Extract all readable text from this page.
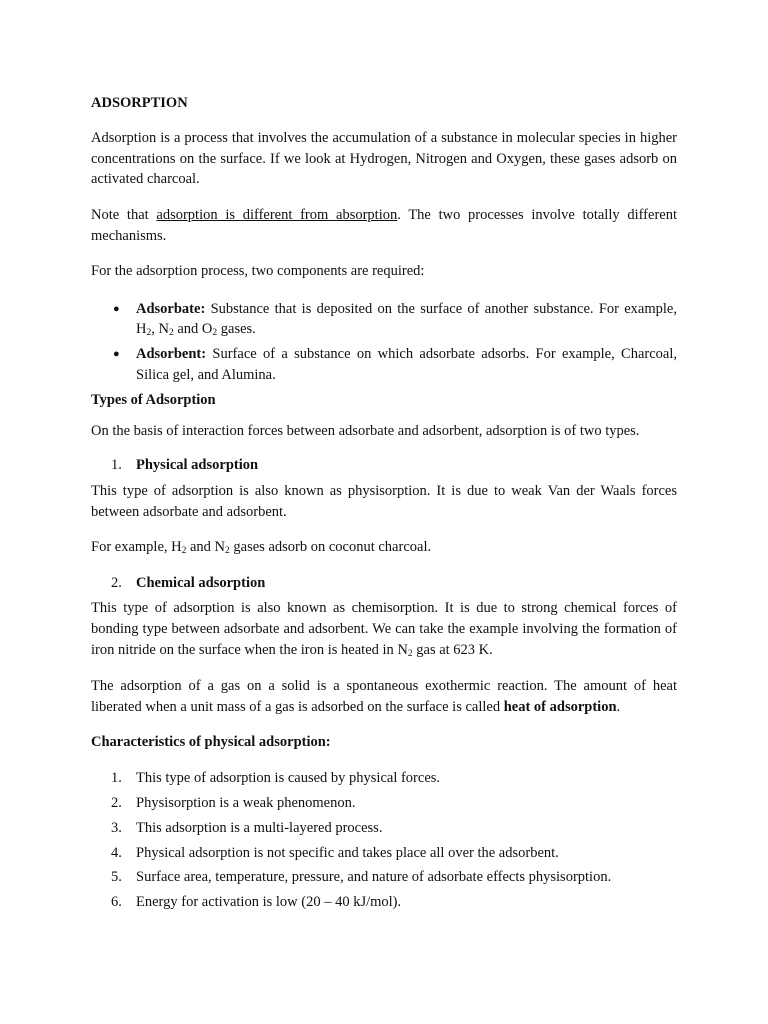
ADSORPTION

Adsorption is a process that involves the accumulation of a substance in molecular species in higher concentrations on the surface. If we look at Hydrogen, Nitrogen and Oxygen, these gases adsorb on activated charcoal.

Note that adsorption is different from absorption. The two processes involve totally different mechanisms.

For the adsorption process, two components are required:

● Adsorbate: Substance that is deposited on the surface of another substance. For example, $H_2$, $N_2$ and $O_2$ gases.
● Adsorbent: Surface of a substance on which adsorbate adsorbs. For example, Charcoal, Silica gel, and Alumina.
Types of Adsorption

On the basis of interaction forces between adsorbate and adsorbent, adsorption is of two types.

1. Physical adsorption

This type of adsorption is also known as physisorption. It is due to weak Van der Waals forces between adsorbate and adsorbent.

For example, $H_2$ and $N_2$ gases adsorb on coconut charcoal.

2. Chemical adsorption

This type of adsorption is also known as chemisorption. It is due to strong chemical forces of bonding type between adsorbate and adsorbent. We can take the example involving the formation of iron nitride on the surface when the iron is heated in $N_2$ gas at 623 K.

The adsorption of a gas on a solid is a spontaneous exothermic reaction. The amount of heat liberated when a unit mass of a gas is adsorbed on the surface is called heat of adsorption.

Characteristics of physical adsorption:
1. This type of adsorption is caused by physical forces.
2. Physisorption is a weak phenomenon.
3. This adsorption is a multi-layered process.
4. Physical adsorption is not specific and takes place all over the adsorbent.
5. Surface area, temperature, pressure, and nature of adsorbate effects physisorption.
6. Energy for activation is low (20 – 40 kJ/mol).
